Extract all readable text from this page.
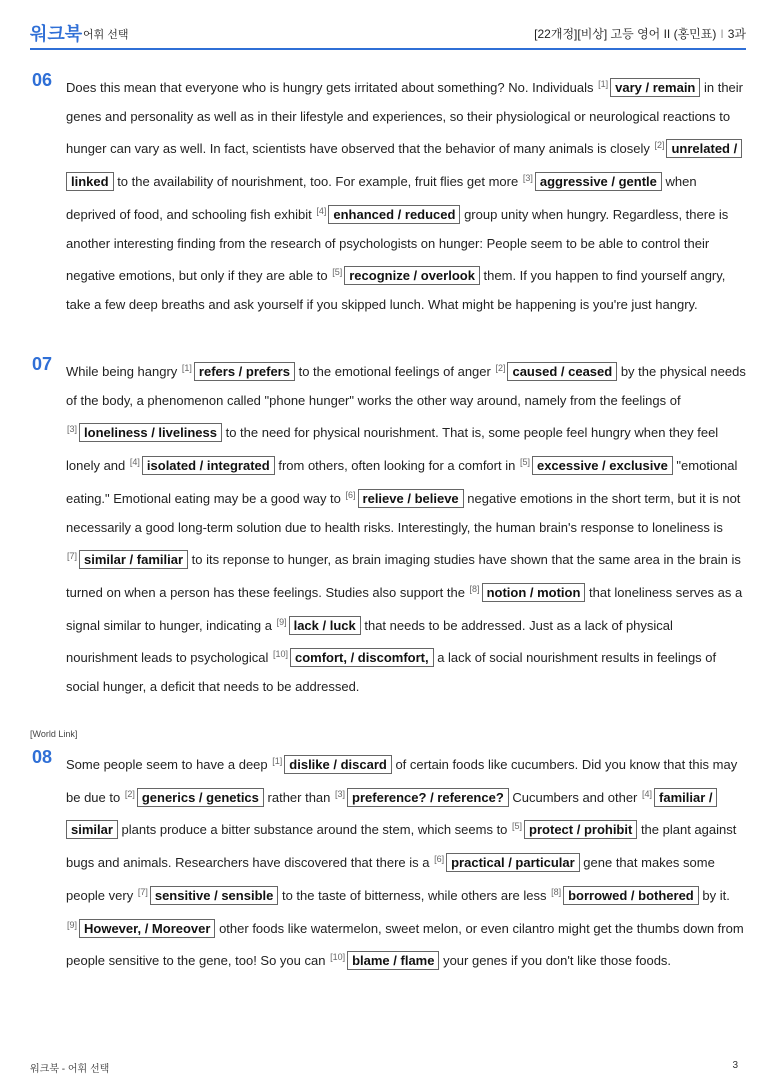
워크북 어휘 선택	[22개정][비상] 고등 영어 II (홍민표) I 3과
06 Does this mean that everyone who is hungry gets irritated about something? No. Individuals [1] vary / remain in their genes and personality as well as in their lifestyle and experiences, so their physiological or neurological reactions to hunger can vary as well. In fact, scientists have observed that the behavior of many animals is closely [2] unrelated / linked to the availability of nourishment, too. For example, fruit flies get more [3] aggressive / gentle when deprived of food, and schooling fish exhibit [4] enhanced / reduced group unity when hungry. Regardless, there is another interesting finding from the research of psychologists on hunger: People seem to be able to control their negative emotions, but only if they are able to [5] recognize / overlook them. If you happen to find yourself angry, take a few deep breaths and ask yourself if you skipped lunch. What might be happening is you're just hangry.
07 While being hangry [1] refers / prefers to the emotional feelings of anger [2] caused / ceased by the physical needs of the body, a phenomenon called "phone hunger" works the other way around, namely from the feelings of [3] loneliness / liveliness to the need for physical nourishment. That is, some people feel hungry when they feel lonely and [4] isolated / integrated from others, often looking for a comfort in [5] excessive / exclusive "emotional eating." Emotional eating may be a good way to [6] relieve / believe negative emotions in the short term, but it is not necessarily a good long-term solution due to health risks. Interestingly, the human brain's response to loneliness is [7] similar / familiar to its reponse to hunger, as brain imaging studies have shown that the same area in the brain is turned on when a person has these feelings. Studies also support the [8] notion / motion that loneliness serves as a signal similar to hunger, indicating a [9] lack / luck that needs to be addressed. Just as a lack of physical nourishment leads to psychological [10] comfort, / discomfort, a lack of social nourishment results in feelings of social hunger, a deficit that needs to be addressed.
[World Link]
08 Some people seem to have a deep [1] dislike / discard of certain foods like cucumbers. Did you know that this may be due to [2] generics / genetics rather than [3] preference? / reference? Cucumbers and other [4] familiar / similar plants produce a bitter substance around the stem, which seems to [5] protect / prohibit the plant against bugs and animals. Researchers have discovered that there is a [6] practical / particular gene that makes some people very [7] sensitive / sensible to the taste of bitterness, while others are less [8] borrowed / bothered by it. [9] However, / Moreover other foods like watermelon, sweet melon, or even cilantro might get the thumbs down from people sensitive to the gene, too! So you can [10] blame / flame your genes if you don't like those foods.
워크북 - 어휘 선택	3
